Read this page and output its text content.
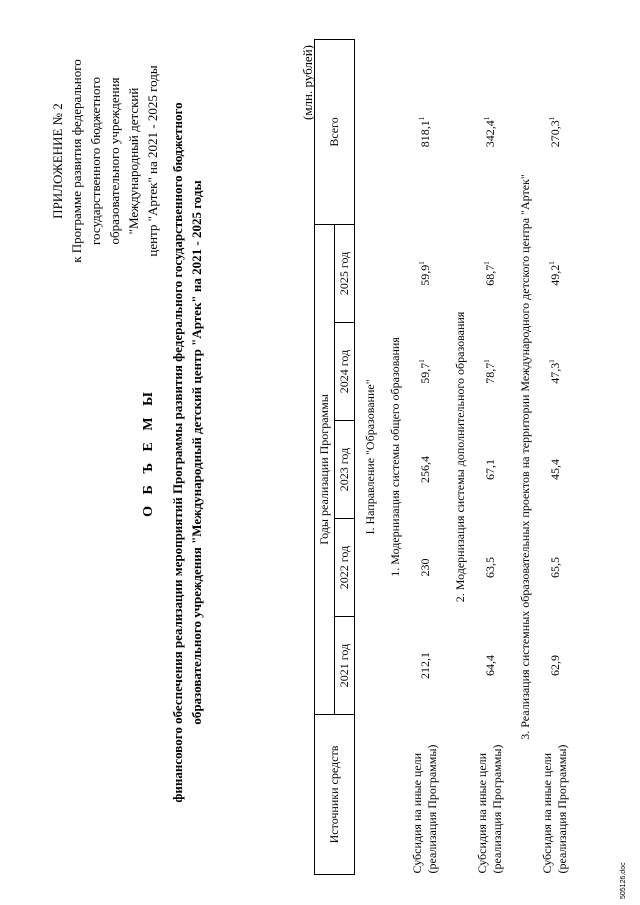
ПРИЛОЖЕНИЕ № 2 к Программе развития федерального государственного бюджетного образовательного учреждения "Международный детский центр "Артек" на 2021 - 2025 годы
О Б Ъ Е М Ы финансового обеспечения реализации мероприятий Программы развития федерального государственного бюджетного образовательного учреждения "Международный детский центр "Артек" на 2021 - 2025 годы
(млн. рублей)
Источники средств	Годы реализации Программы					Всего
	2021 год	2022 год	2023 год	2024 год	2025 год	
I. Направление "Образование"						
1. Модернизация системы общего образования						

Субсидия на иные цели (реализация Программы)	212,1	230	256,4	59,7$^1$	59,9$^1$	818,1$^1$
2. Модернизация системы дополнительного образования						

Субсидия на иные цели (реализация Программы)	64,4	63,5	67,1	78,7$^1$	68,7$^1$	342,4$^1$
3. Реализация системных образовательных проектов на территории Международного детского центра "Артек"						

Субсидия на иные цели (реализация Программы)	62,9	65,5	45,4	47,3$^1$	49,2$^1$	270,3$^1$
505126.doc
